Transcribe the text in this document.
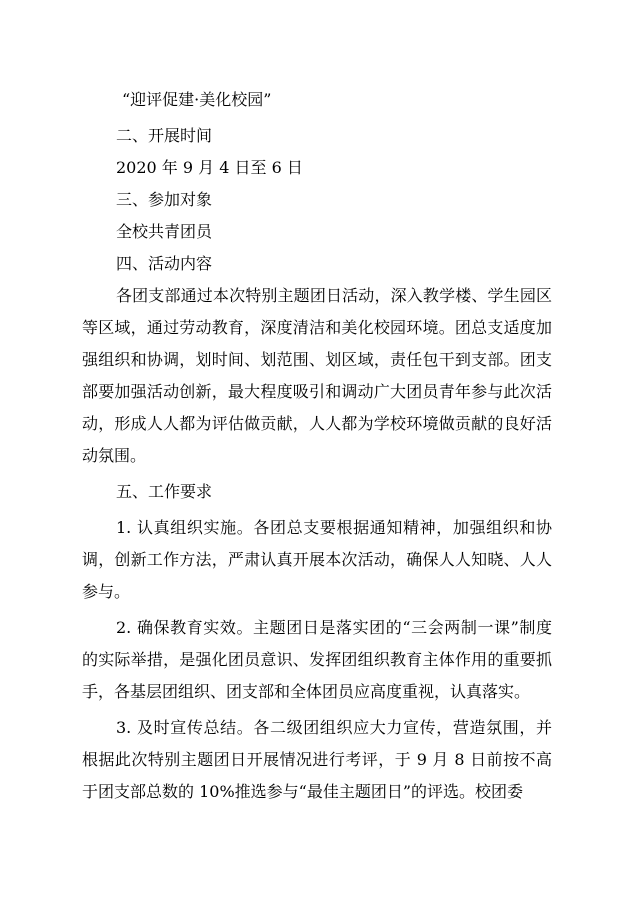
“迎评促建·美化校园”
二、开展时间
2020 年 9 月 4 日至 6 日
三、参加对象
全校共青团员
四、活动内容

各团支部通过本次特别主题团日活动，深入教学楼、学生园区等区域，通过劳动教育，深度清洁和美化校园环境。团总支适度加强组织和协调，划时间、划范围、划区域，责任包干到支部。团支部要加强活动创新，最大程度吸引和调动广大团员青年参与此次活动，形成人人都为评估做贡献，人人都为学校环境做贡献的良好活动氛围。

五、工作要求

1. 认真组织实施。各团总支要根据通知精神，加强组织和协调，创新工作方法，严肃认真开展本次活动，确保人人知晓、人人参与。

2. 确保教育实效。主题团日是落实团的“三会两制一课”制度的实际举措，是强化团员意识、发挥团组织教育主体作用的重要抓手，各基层团组织、团支部和全体团员应高度重视，认真落实。

3. 及时宣传总结。各二级团组织应大力宣传，营造氛围，并根据此次特别主题团日开展情况进行考评，于 9 月 8 日前按不高于团支部总数的 10%推选参与“最佳主题团日”的评选。校团委
